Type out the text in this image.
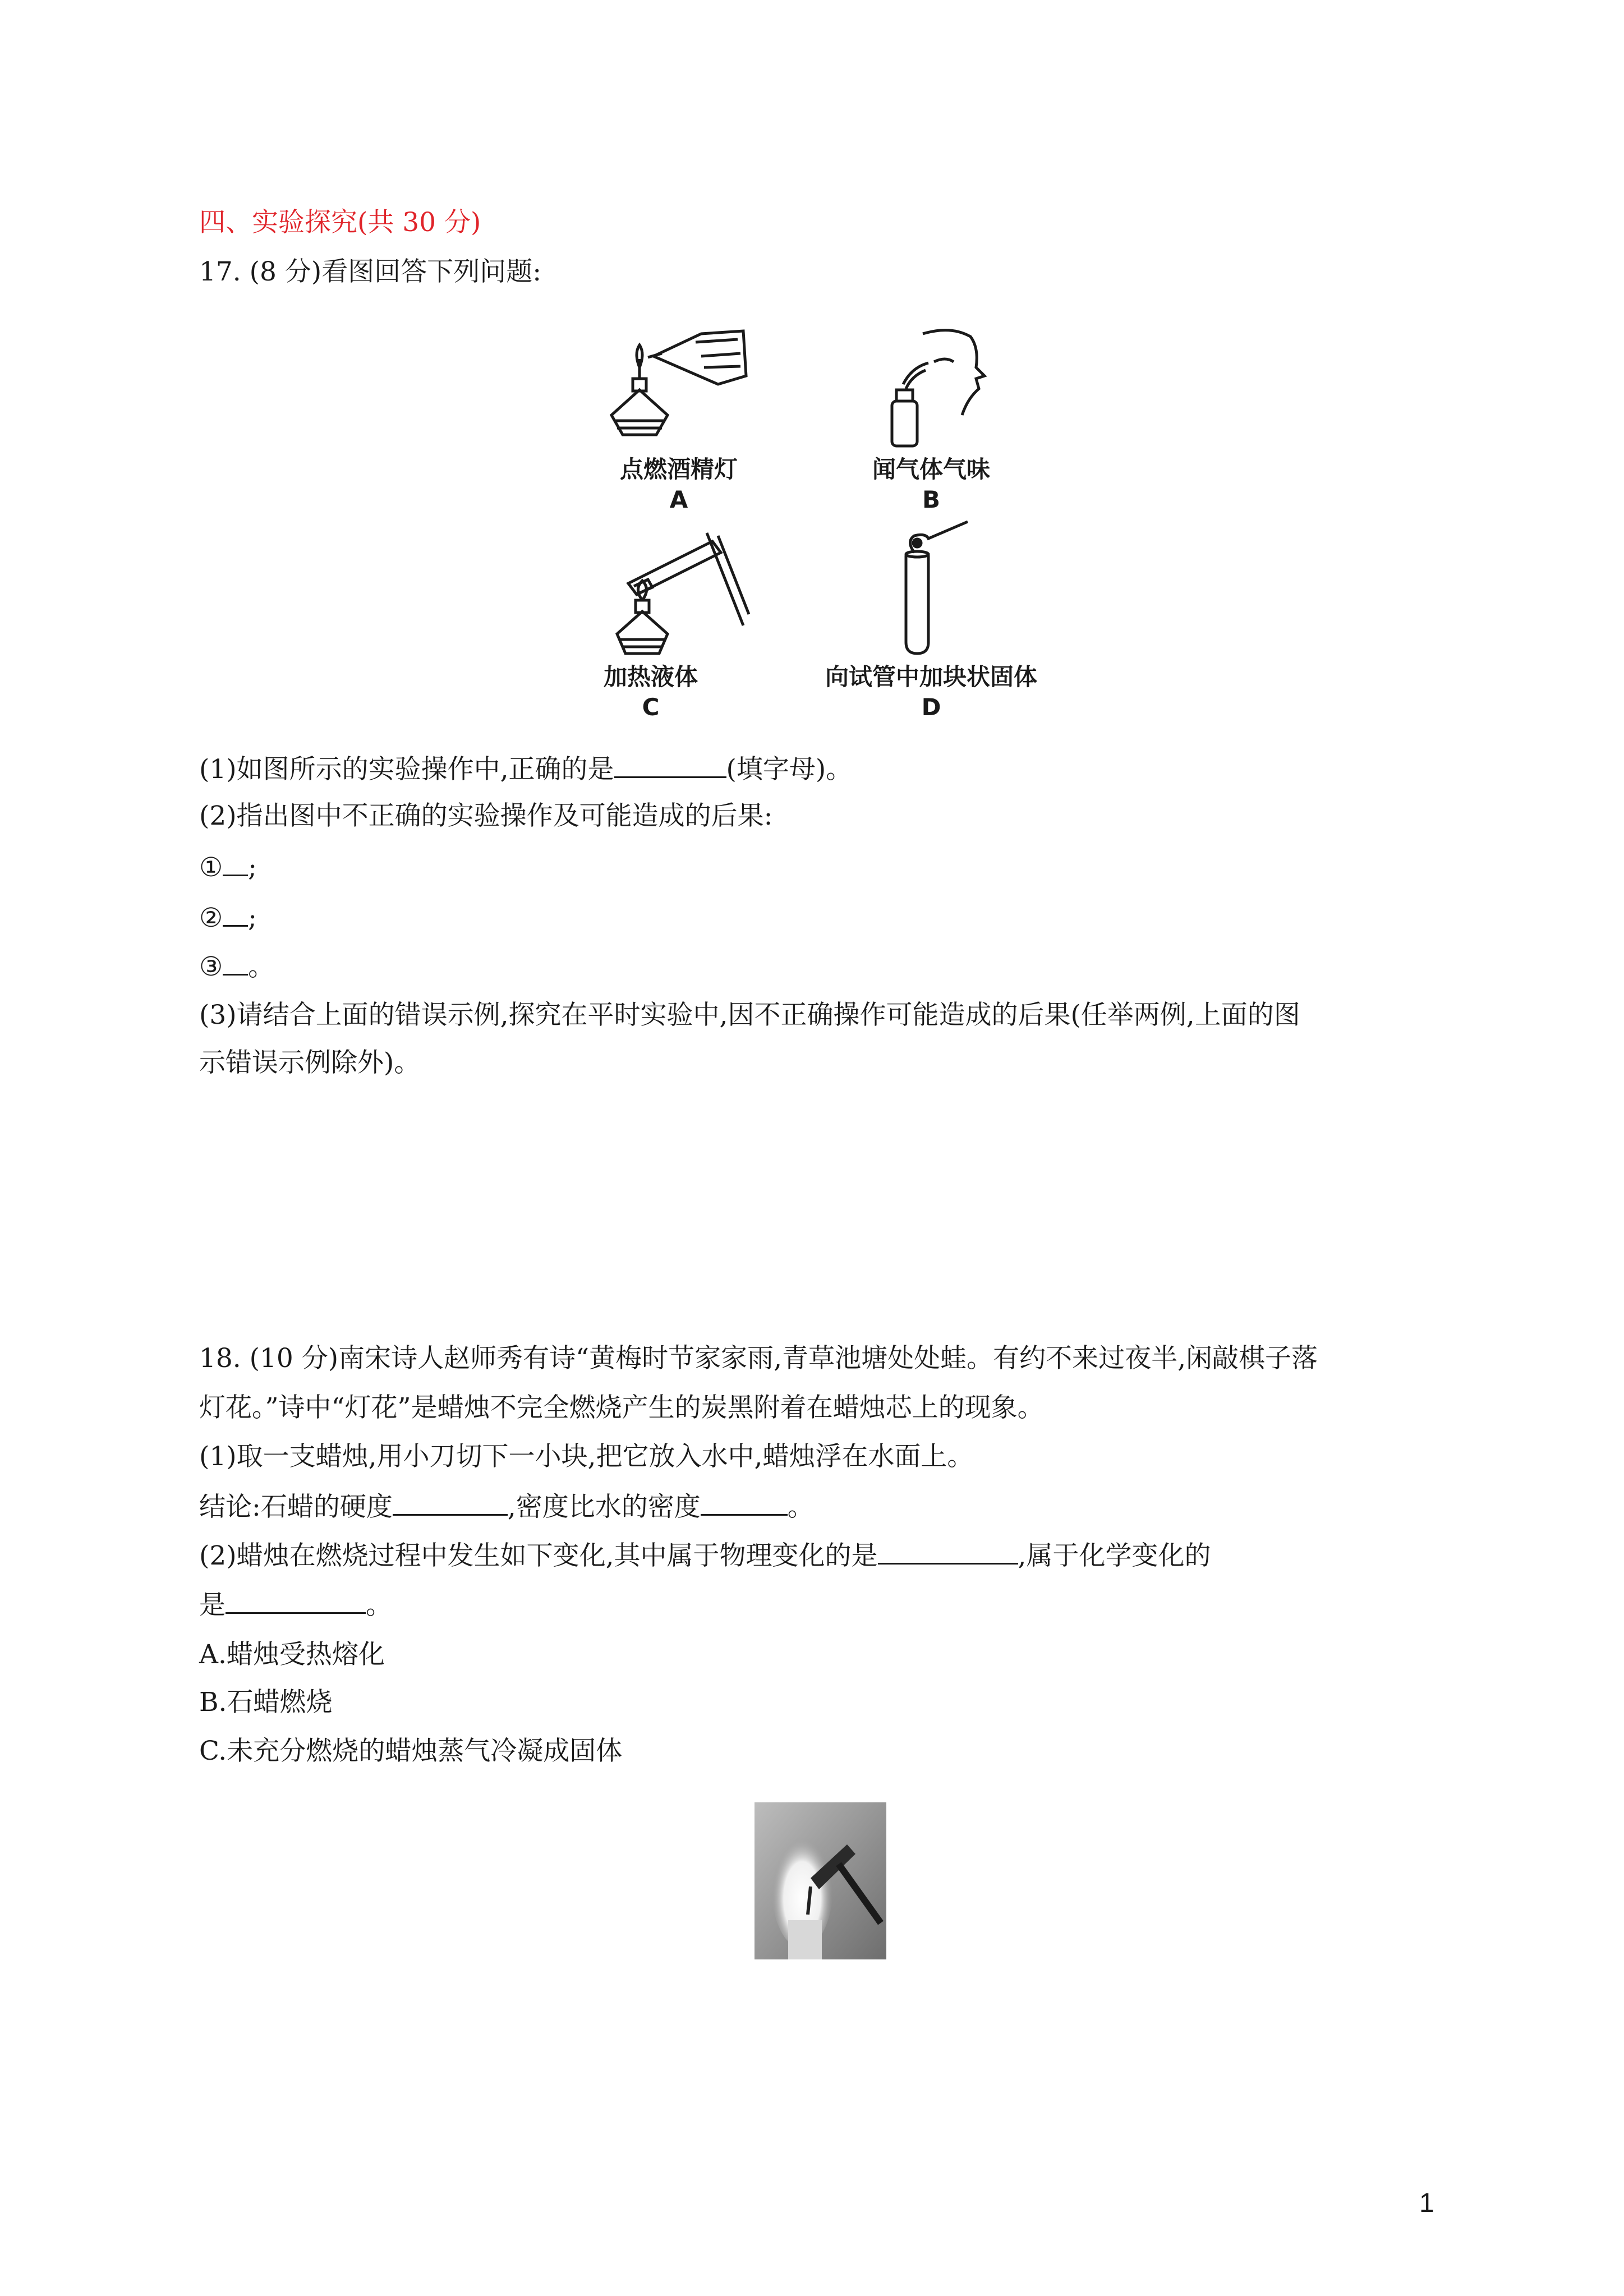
四、实验探究(共 30 分)
17. (8 分)看图回答下列问题:
点燃酒精灯
A
闻气体气味
B
加热液体
C
向试管中加块状固体
D
(1)如图所示的实验操作中,正确的是	(填字母)。
(2)指出图中不正确的实验操作及可能造成的后果:
① ;
② ;
③ 。
(3)请结合上面的错误示例,探究在平时实验中,因不正确操作可能造成的后果(任举两例,上面的图
示错误示例除外)。
18. (10 分)南宋诗人赵师秀有诗“黄梅时节家家雨,青草池塘处处蛙。有约不来过夜半,闲敲棋子落
灯花。”诗中“灯花”是蜡烛不完全燃烧产生的炭黑附着在蜡烛芯上的现象。
(1)取一支蜡烛,用小刀切下一小块,把它放入水中,蜡烛浮在水面上。
结论:石蜡的硬度	,密度比水的密度	。
(2)蜡烛在燃烧过程中发生如下变化,其中属于物理变化的是	,属于化学变化的
是	。
A.蜡烛受热熔化
B.石蜡燃烧
C.未充分燃烧的蜡烛蒸气冷凝成固体
1
